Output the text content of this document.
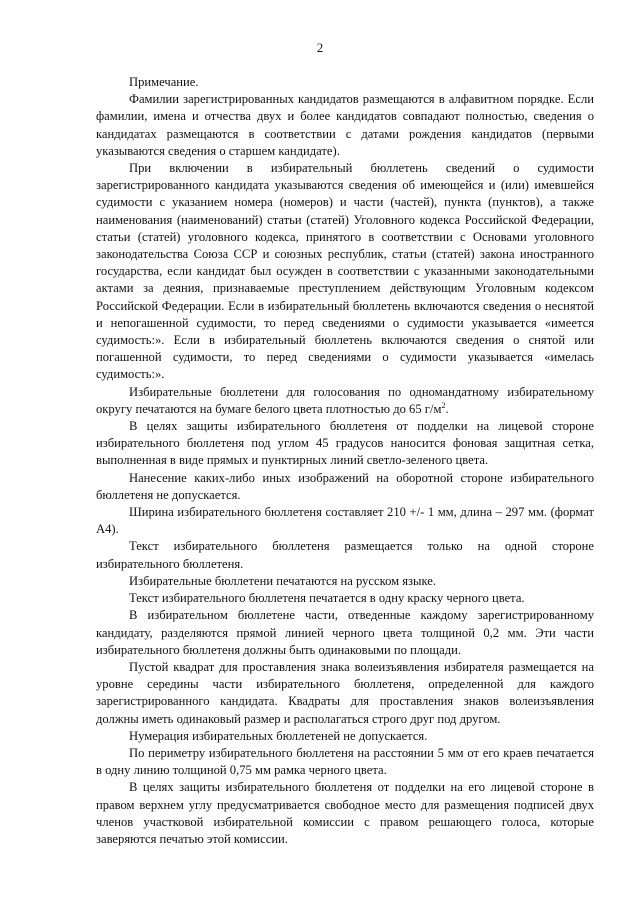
2

Примечание.

Фамилии зарегистрированных кандидатов размещаются в алфавитном порядке. Если фамилии, имена и отчества двух и более кандидатов совпадают полностью, сведения о кандидатах размещаются в соответствии с датами рождения кандидатов (первыми указываются сведения о старшем кандидате).

При включении в избирательный бюллетень сведений о судимости зарегистрированного кандидата указываются сведения об имеющейся и (или) имевшейся судимости с указанием номера (номеров) и части (частей), пункта (пунктов), а также наименования (наименований) статьи (статей) Уголовного кодекса Российской Федерации, статьи (статей) уголовного кодекса, принятого в соответствии с Основами уголовного законодательства Союза ССР и союзных республик, статьи (статей) закона иностранного государства, если кандидат был осужден в соответствии с указанными законодательными актами за деяния, признаваемые преступлением действующим Уголовным кодексом Российской Федерации. Если в избирательный бюллетень включаются сведения о неснятой и непогашенной судимости, то перед сведениями о судимости указывается «имеется судимость:». Если в избирательный бюллетень включаются сведения о снятой или погашенной судимости, то перед сведениями о судимости указывается «имелась судимость:».

Избирательные бюллетени для голосования по одномандатному избирательному округу печатаются на бумаге белого цвета плотностью до 65 $г/м^2$.

В целях защиты избирательного бюллетеня от подделки на лицевой стороне избирательного бюллетеня под углом 45 градусов наносится фоновая защитная сетка, выполненная в виде прямых и пунктирных линий светло-зеленого цвета.

Нанесение каких-либо иных изображений на оборотной стороне избирательного бюллетеня не допускается.

Ширина избирательного бюллетеня составляет 210 +/- 1 мм, длина – 297 мм. (формат А4).

Текст избирательного бюллетеня размещается только на одной стороне избирательного бюллетеня.

Избирательные бюллетени печатаются на русском языке.

Текст избирательного бюллетеня печатается в одну краску черного цвета.

В избирательном бюллетене части, отведенные каждому зарегистрированному кандидату, разделяются прямой линией черного цвета толщиной 0,2 мм. Эти части избирательного бюллетеня должны быть одинаковыми по площади.

Пустой квадрат для проставления знака волеизъявления избирателя размещается на уровне середины части избирательного бюллетеня, определенной для каждого зарегистрированного кандидата. Квадраты для проставления знаков волеизъявления должны иметь одинаковый размер и располагаться строго друг под другом.

Нумерация избирательных бюллетеней не допускается.

По периметру избирательного бюллетеня на расстоянии 5 мм от его краев печатается в одну линию толщиной 0,75 мм рамка черного цвета.

В целях защиты избирательного бюллетеня от подделки на его лицевой стороне в правом верхнем углу предусматривается свободное место для размещения подписей двух членов участковой избирательной комиссии с правом решающего голоса, которые заверяются печатью этой комиссии.
